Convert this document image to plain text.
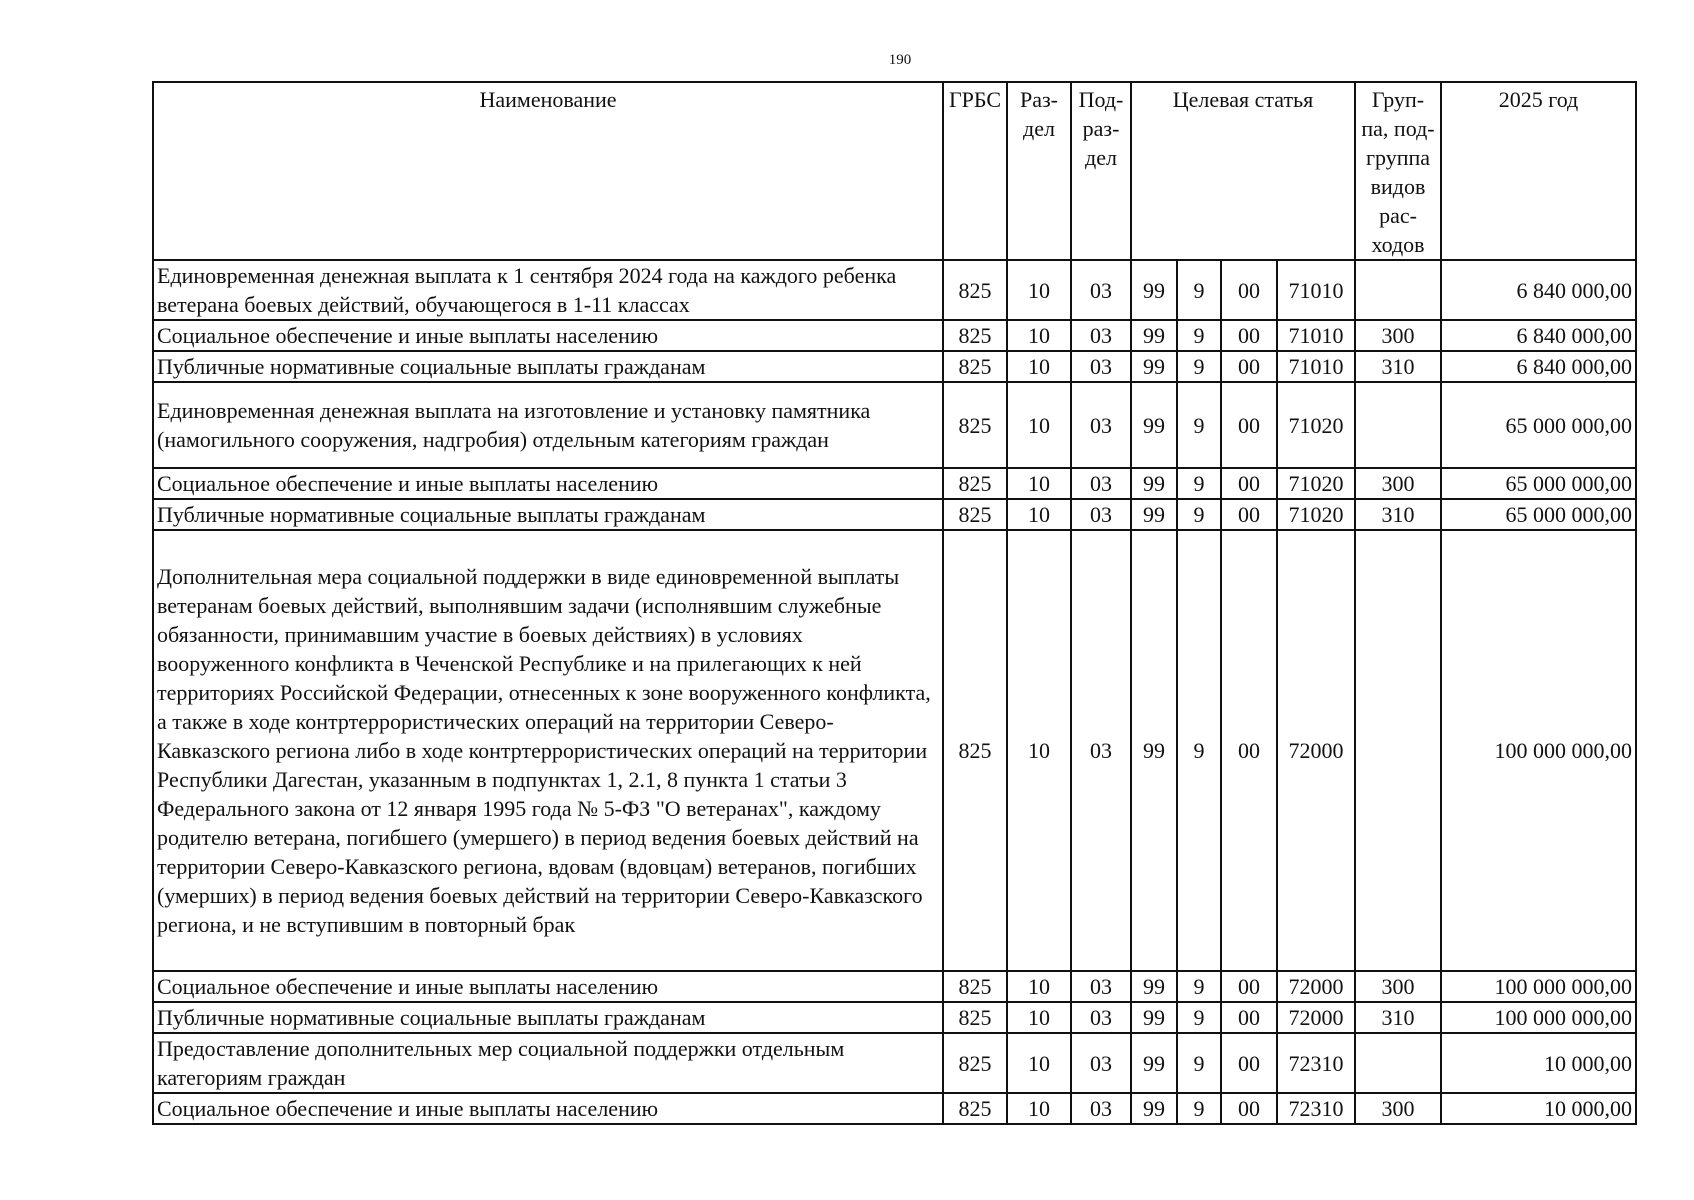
190
Наименование	ГРБС	Раз- дел	Под- раз- дел	Целевая статья				Груп- па, под- группа видов рас- ходов	2025 год
Единовременная денежная выплата к 1 сентября 2024 года на каждого ребенка ветерана боевых действий, обучающегося в 1-11 классах	825	10	03	99	9	00	71010		6 840 000,00
Социальное обеспечение и иные выплаты населению	825	10	03	99	9	00	71010	300	6 840 000,00
Публичные нормативные социальные выплаты гражданам	825	10	03	99	9	00	71010	310	6 840 000,00
Единовременная денежная выплата на изготовление и установку памятника (намогильного сооружения, надгробия) отдельным категориям граждан	825	10	03	99	9	00	71020		65 000 000,00
Социальное обеспечение и иные выплаты населению	825	10	03	99	9	00	71020	300	65 000 000,00
Публичные нормативные социальные выплаты гражданам	825	10	03	99	9	00	71020	310	65 000 000,00
Дополнительная мера социальной поддержки в виде единовременной выплаты ветеранам боевых действий, выполнявшим задачи (исполнявшим служебные обязанности, принимавшим участие в боевых действиях) в условиях вооруженного конфликта в Чеченской Республике и на прилегающих к ней территориях Российской Федерации, отнесенных к зоне вооруженного конфликта, а также в ходе контртеррористических операций на территории Северо-Кавказского региона либо в ходе контртеррористических операций на территории Республики Дагестан, указанным в подпунктах 1, 2.1, 8 пункта 1 статьи 3 Федерального закона от 12 января 1995 года № 5-ФЗ "О ветеранах", каждому родителю ветерана, погибшего (умершего) в период ведения боевых действий на территории Северо-Кавказского региона, вдовам (вдовцам) ветеранов, погибших (умерших) в период ведения боевых действий на территории Северо-Кавказского региона, и не вступившим в повторный брак	825	10	03	99	9	00	72000		100 000 000,00
Социальное обеспечение и иные выплаты населению	825	10	03	99	9	00	72000	300	100 000 000,00
Публичные нормативные социальные выплаты гражданам	825	10	03	99	9	00	72000	310	100 000 000,00
Предоставление дополнительных мер социальной поддержки отдельным категориям граждан	825	10	03	99	9	00	72310		10 000,00
Социальное обеспечение и иные выплаты населению	825	10	03	99	9	00	72310	300	10 000,00
